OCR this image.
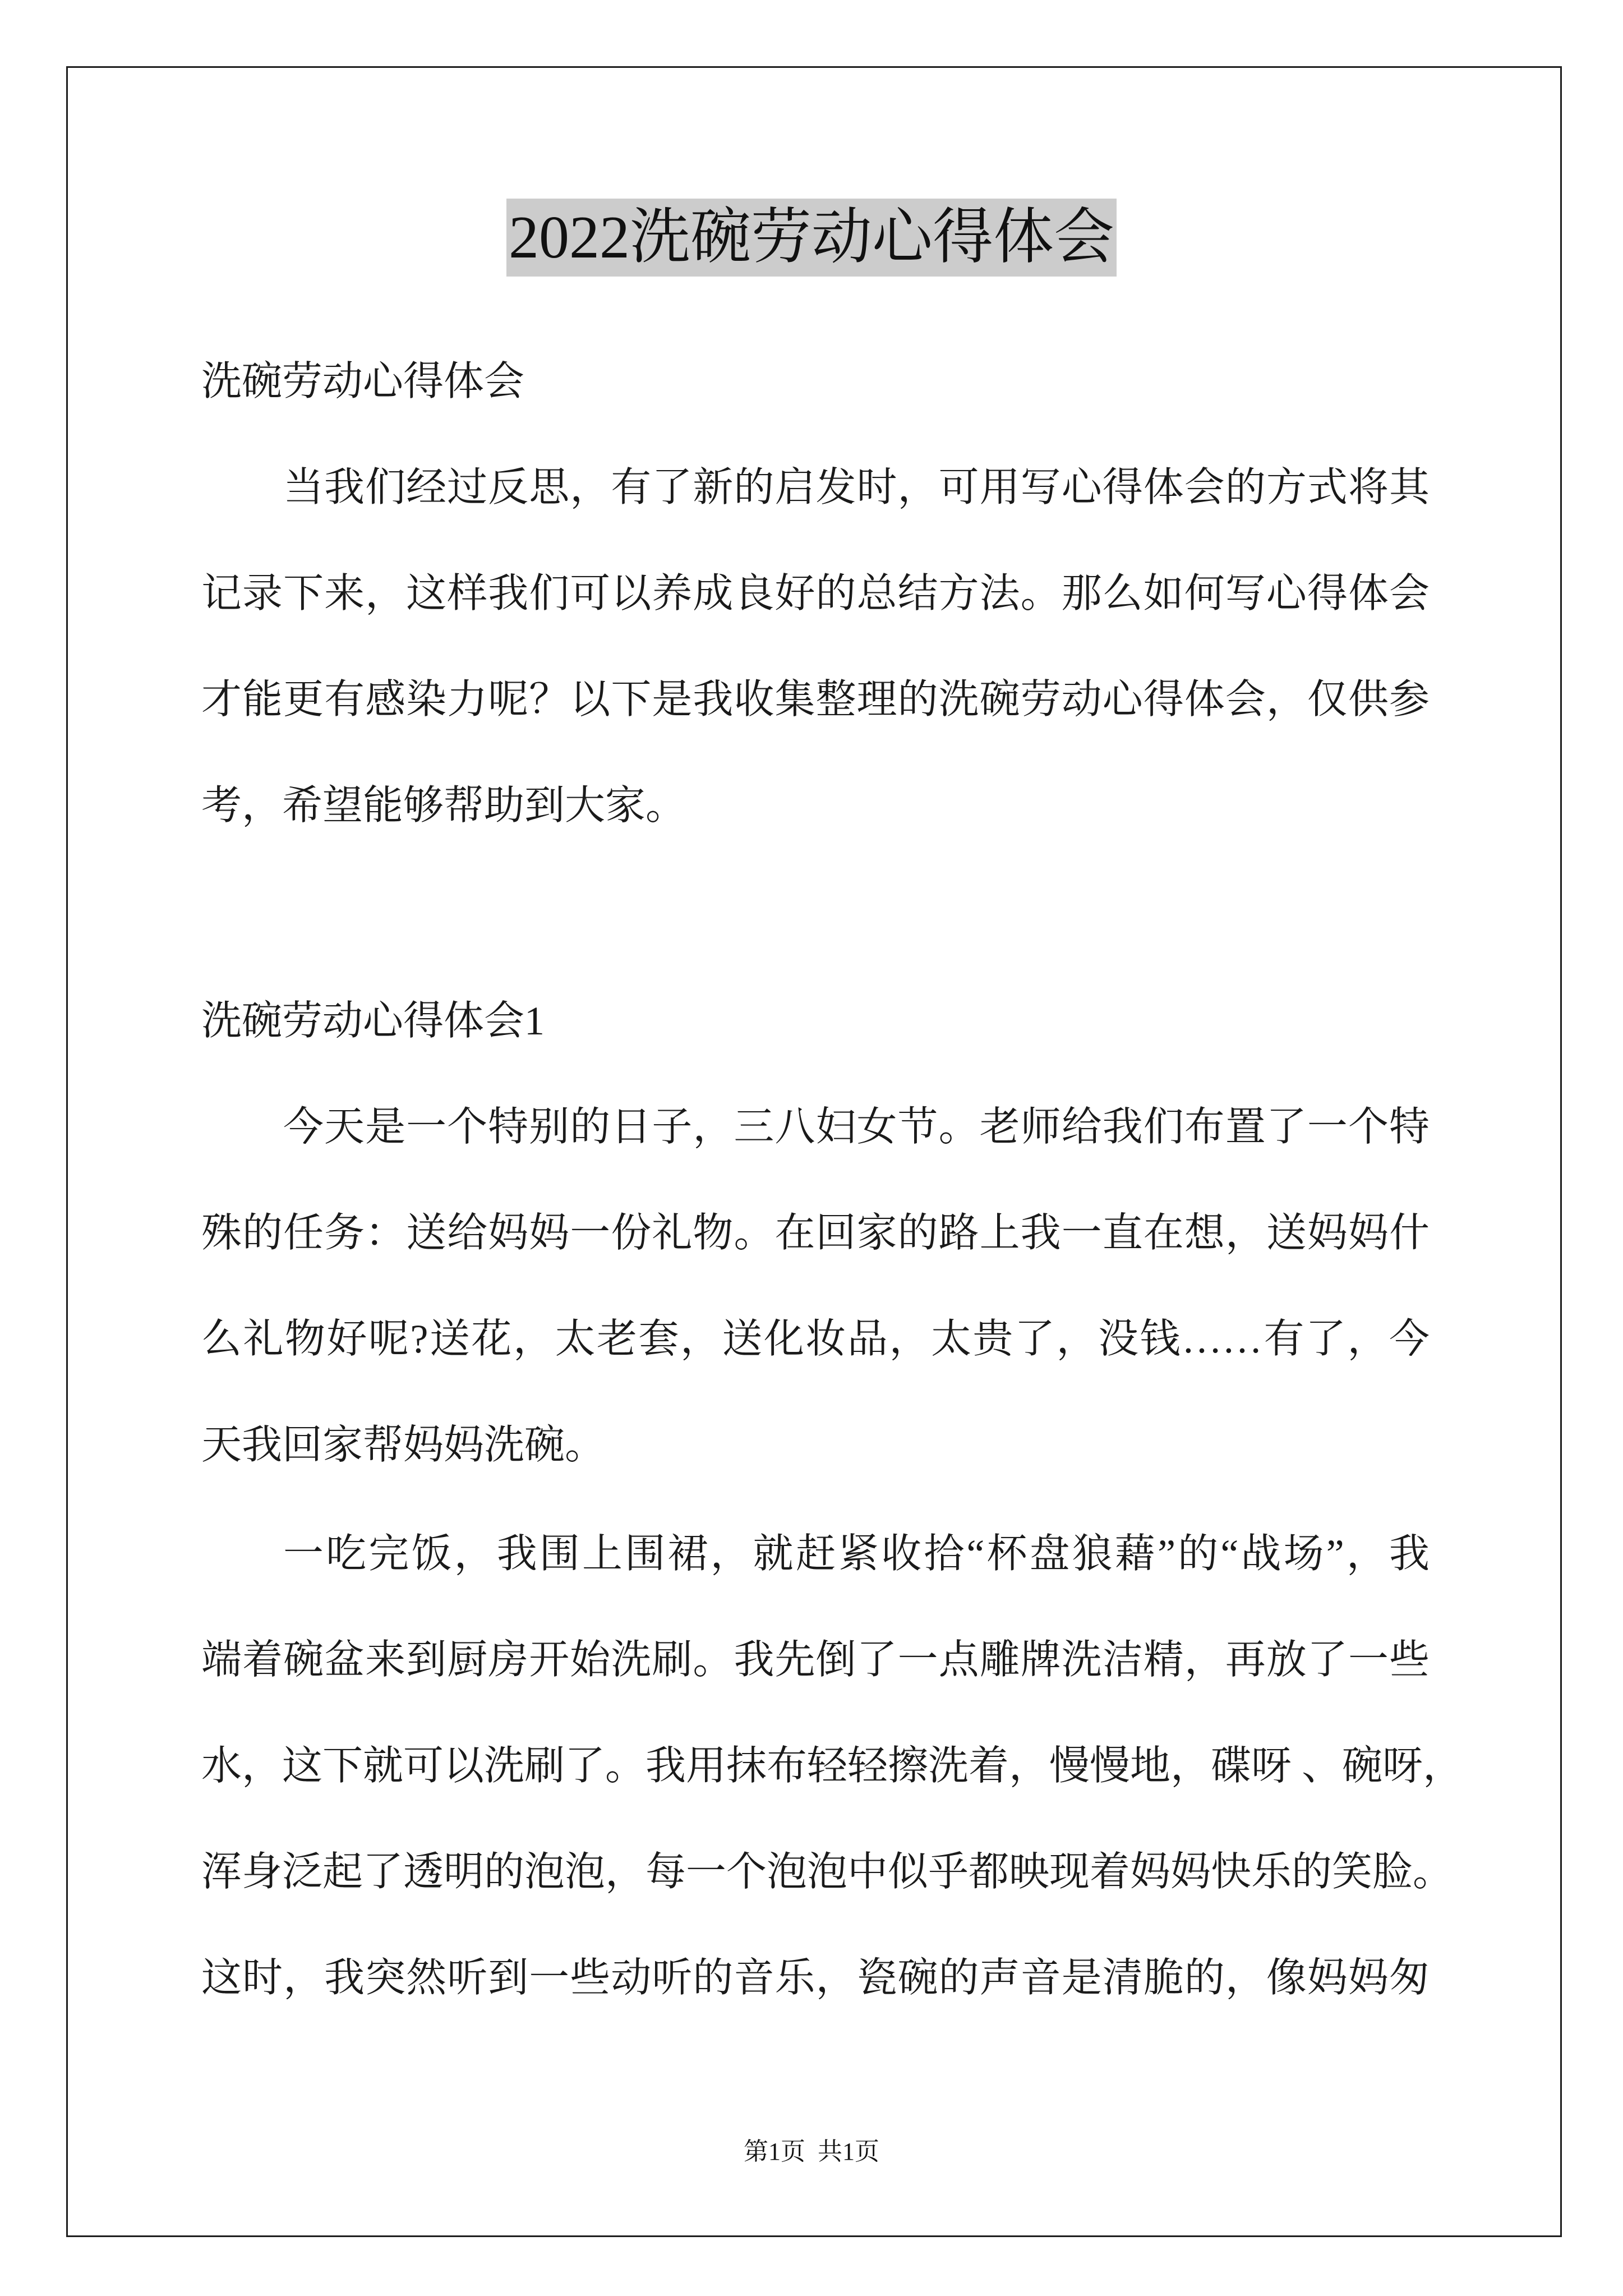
2022洗碗劳动心得体会
洗碗劳动心得体会
当我们经过反思，有了新的启发时，可用写心得体会的方式将其
记录下来，这样我们可以养成良好的总结方法。那么如何写心得体会
才能更有感染力呢？以下是我收集整理的洗碗劳动心得体会，仅供参
考，希望能够帮助到大家。
洗碗劳动心得体会1
今天是一个特别的日子，三八妇女节。老师给我们布置了一个特
殊的任务：送给妈妈一份礼物。在回家的路上我一直在想，送妈妈什
么礼物好呢?送花，太老套，送化妆品，太贵了，没钱……有了，今
天我回家帮妈妈洗碗。
一吃完饭，我围上围裙，就赶紧收拾“杯盘狼藉”的“战场”，我
端着碗盆来到厨房开始洗刷。我先倒了一点雕牌洗洁精，再放了一些
水，这下就可以洗刷了。我用抹布轻轻擦洗着，慢慢地，碟呀 、碗呀，
浑身泛起了透明的泡泡，每一个泡泡中似乎都映现着妈妈快乐的笑脸。
这时，我突然听到一些动听的音乐，瓷碗的声音是清脆的，像妈妈匆
第1页  共1页
